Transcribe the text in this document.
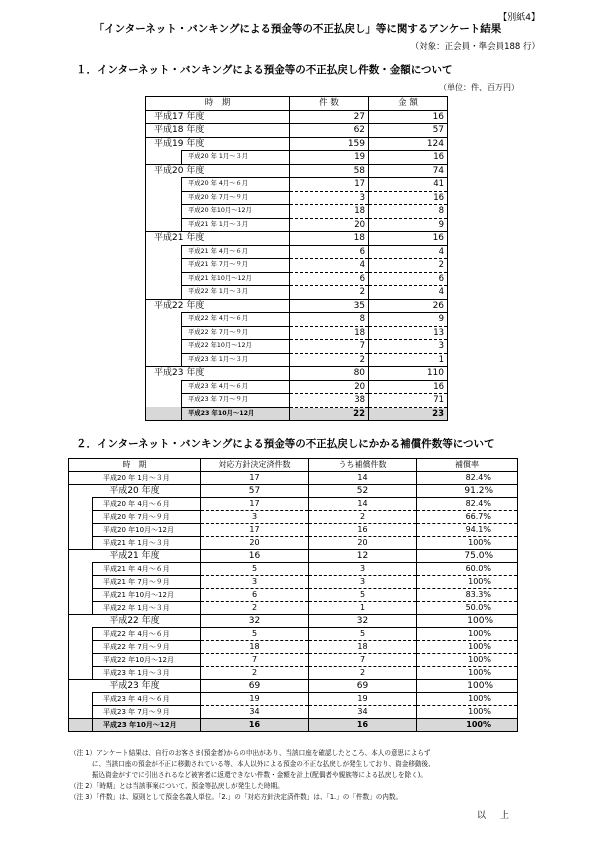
【別紙4】
「インターネット・バンキングによる預金等の不正払戻し」等に関するアンケート結果
（対象：正会員・準会員188 行）
１．インターネット・バンキングによる預金等の不正払戻し件数・金額について
（単位：件、百万円）
時　期		件 数	金 額
平成17 年度		27	16
平成18 年度		62	57
平成19 年度		159	124
	平成20 年 1月～３月	19	16
平成20 年度		58	74
	平成20 年 4月～６月	17	41
	平成20 年 7月～９月	3	16
	平成20 年10月～12月	18	8
	平成21 年 1月～３月	20	9
平成21 年度		18	16
	平成21 年 4月～６月	6	4
	平成21 年 7月～９月	4	2
	平成21 年10月～12月	6	6
	平成22 年 1月～３月	2	4
平成22 年度		35	26
	平成22 年 4月～６月	8	9
	平成22 年 7月～９月	18	13
	平成22 年10月～12月	7	3
	平成23 年 1月～３月	2	1
平成23 年度		80	110
	平成23 年 4月～６月	20	16
	平成23 年 7月～９月	38	71
	平成23 年10月～12月	22	23
２．インターネット・バンキングによる預金等の不正払戻しにかかる補償件数等について
時　期		対応方針決定済件数	うち補償件数	補償率
平成20 年 1月～３月		17	14	82.4%
平成20 年度		57	52	91.2%
	平成20 年 4月～６月	17	14	82.4%
	平成20 年 7月～９月	3	2	66.7%
	平成20 年10月～12月	17	16	94.1%
	平成21 年 1月～３月	20	20	100%
平成21 年度		16	12	75.0%
	平成21 年 4月～６月	5	3	60.0%
	平成21 年 7月～９月	3	3	100%
	平成21 年10月～12月	6	5	83.3%
	平成22 年 1月～３月	2	1	50.0%
平成22 年度		32	32	100%
	平成22 年 4月～６月	5	5	100%
	平成22 年 7月～９月	18	18	100%
	平成22 年10月～12月	7	7	100%
	平成23 年 1月～３月	2	2	100%
平成23 年度		69	69	100%
	平成23 年 4月～６月	19	19	100%
	平成23 年 7月～９月	34	34	100%
	平成23 年10月～12月	16	16	100%
（注 1）アンケート結果は、自行のお客さま(預金者)からの申出があり、当該口座を確認したところ、本人の意思によらず
　　　 に、当該口座の預金が不正に移動されている等、本人以外による預金の不正な払戻しが発生しており、資金移動後、
　　　 振込資金がすでに引出されるなど被害者に返還できない件数・金額を計上(配偶者や親族等による払戻しを除く)。
（注 2）「時期」とは当該事案について、預金等払戻しが発生した時期。
（注 3）「件数」は、原則として預金名義人単位。「2.」の「対応方針決定済件数」は、「1.」の「件数」の内数。
以上
